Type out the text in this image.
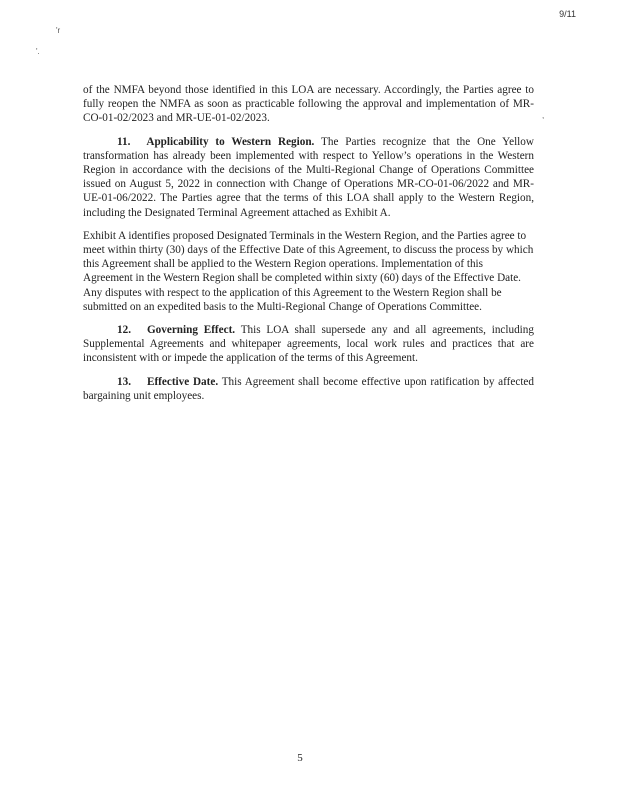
9/11
'r
'.
,

of the NMFA beyond those identified in this LOA are necessary. Accordingly, the Parties agree to fully reopen the NMFA as soon as practicable following the approval and implementation of MR-CO-01-02/2023 and MR-UE-01-02/2023.

11. Applicability to Western Region. The Parties recognize that the One Yellow transformation has already been implemented with respect to Yellow’s operations in the Western Region in accordance with the decisions of the Multi-Regional Change of Operations Committee issued on August 5, 2022 in connection with Change of Operations MR-CO-01-06/2022 and MR-UE-01-06/2022. The Parties agree that the terms of this LOA shall apply to the Western Region, including the Designated Terminal Agreement attached as Exhibit A.

Exhibit A identifies proposed Designated Terminals in the Western Region, and the Parties agree to meet within thirty (30) days of the Effective Date of this Agreement, to discuss the process by which this Agreement shall be applied to the Western Region operations. Implementation of this Agreement in the Western Region shall be completed within sixty (60) days of the Effective Date. Any disputes with respect to the application of this Agreement to the Western Region shall be submitted on an expedited basis to the Multi-Regional Change of Operations Committee.

12. Governing Effect. This LOA shall supersede any and all agreements, including Supplemental Agreements and whitepaper agreements, local work rules and practices that are inconsistent with or impede the application of the terms of this Agreement.

13. Effective Date. This Agreement shall become effective upon ratification by affected bargaining unit employees.

5
